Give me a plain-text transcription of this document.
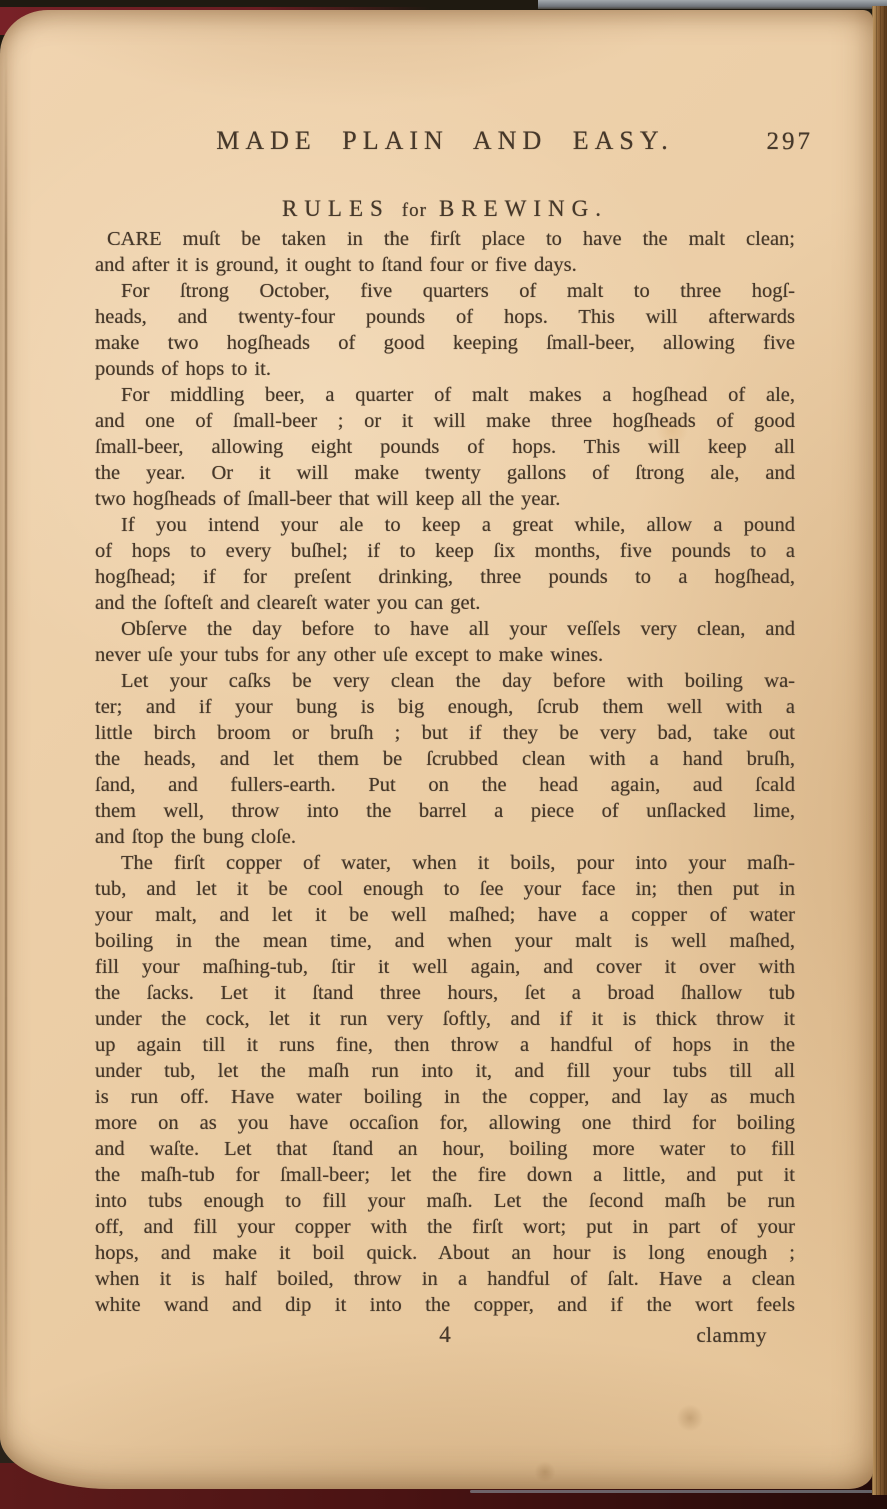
MADE PLAIN AND EASY.	297
RULES for BREWING.
CARE muſt be taken in the firſt place to have the malt clean;
and after it is ground, it ought to ſtand four or five days.
For ſtrong October, five quarters of malt to three hogſ-
heads, and twenty-four pounds of hops. This will afterwards
make two hogſheads of good keeping ſmall-beer, allowing five
pounds of hops to it.
For middling beer, a quarter of malt makes a hogſhead of ale,
and one of ſmall-beer ; or it will make three hogſheads of good
ſmall-beer, allowing eight pounds of hops. This will keep all
the year. Or it will make twenty gallons of ſtrong ale, and
two hogſheads of ſmall-beer that will keep all the year.
If you intend your ale to keep a great while, allow a pound
of hops to every buſhel; if to keep ſix months, five pounds to a
hogſhead; if for preſent drinking, three pounds to a hogſhead,
and the ſofteſt and cleareſt water you can get.
Obſerve the day before to have all your veſſels very clean, and
never uſe your tubs for any other uſe except to make wines.
Let your caſks be very clean the day before with boiling wa-
ter; and if your bung is big enough, ſcrub them well with a
little birch broom or bruſh ; but if they be very bad, take out
the heads, and let them be ſcrubbed clean with a hand bruſh,
ſand, and fullers-earth. Put on the head again, aud ſcald
them well, throw into the barrel a piece of unſlacked lime,
and ſtop the bung cloſe.
The firſt copper of water, when it boils, pour into your maſh-
tub, and let it be cool enough to ſee your face in; then put in
your malt, and let it be well maſhed; have a copper of water
boiling in the mean time, and when your malt is well maſhed,
fill your maſhing-tub, ſtir it well again, and cover it over with
the ſacks. Let it ſtand three hours, ſet a broad ſhallow tub
under the cock, let it run very ſoftly, and if it is thick throw it
up again till it runs fine, then throw a handful of hops in the
under tub, let the maſh run into it, and fill your tubs till all
is run off. Have water boiling in the copper, and lay as much
more on as you have occaſion for, allowing one third for boiling
and waſte. Let that ſtand an hour, boiling more water to fill
the maſh-tub for ſmall-beer; let the fire down a little, and put it
into tubs enough to fill your maſh. Let the ſecond maſh be run
off, and fill your copper with the firſt wort; put in part of your
hops, and make it boil quick. About an hour is long enough ;
when it is half boiled, throw in a handful of ſalt. Have a clean
white wand and dip it into the copper, and if the wort feels
4	clammy
